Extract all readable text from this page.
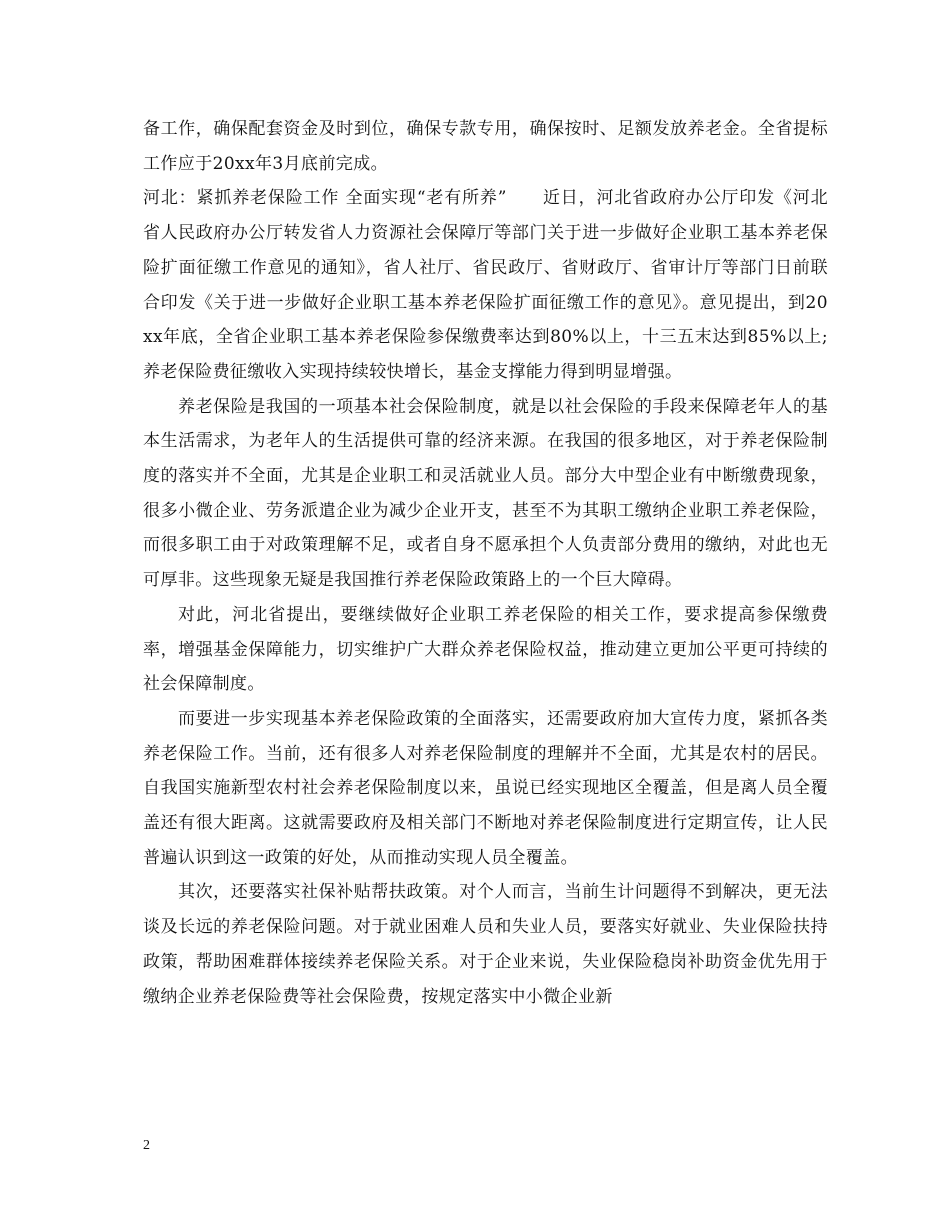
备工作，确保配套资金及时到位，确保专款专用，确保按时、足额发放养老金。全省提标工作应于20xx年3月底前完成。

河北：紧抓养老保险工作 全面实现“老有所养”　　近日，河北省政府办公厅印发《河北省人民政府办公厅转发省人力资源社会保障厅等部门关于进一步做好企业职工基本养老保险扩面征缴工作意见的通知》，省人社厅、省民政厅、省财政厅、省审计厅等部门日前联合印发《关于进一步做好企业职工基本养老保险扩面征缴工作的意见》。意见提出，到20xx年底，全省企业职工基本养老保险参保缴费率达到80%以上，十三五末达到85%以上;养老保险费征缴收入实现持续较快增长，基金支撑能力得到明显增强。

养老保险是我国的一项基本社会保险制度，就是以社会保险的手段来保障老年人的基本生活需求，为老年人的生活提供可靠的经济来源。在我国的很多地区，对于养老保险制度的落实并不全面，尤其是企业职工和灵活就业人员。部分大中型企业有中断缴费现象，很多小微企业、劳务派遣企业为减少企业开支，甚至不为其职工缴纳企业职工养老保险，而很多职工由于对政策理解不足，或者自身不愿承担个人负责部分费用的缴纳，对此也无可厚非。这些现象无疑是我国推行养老保险政策路上的一个巨大障碍。

对此，河北省提出，要继续做好企业职工养老保险的相关工作，要求提高参保缴费率，增强基金保障能力，切实维护广大群众养老保险权益，推动建立更加公平更可持续的社会保障制度。

而要进一步实现基本养老保险政策的全面落实，还需要政府加大宣传力度，紧抓各类养老保险工作。当前，还有很多人对养老保险制度的理解并不全面，尤其是农村的居民。自我国实施新型农村社会养老保险制度以来，虽说已经实现地区全覆盖，但是离人员全覆盖还有很大距离。这就需要政府及相关部门不断地对养老保险制度进行定期宣传，让人民普遍认识到这一政策的好处，从而推动实现人员全覆盖。

其次，还要落实社保补贴帮扶政策。对个人而言，当前生计问题得不到解决，更无法谈及长远的养老保险问题。对于就业困难人员和失业人员，要落实好就业、失业保险扶持政策，帮助困难群体接续养老保险关系。对于企业来说，失业保险稳岗补助资金优先用于缴纳企业养老保险费等社会保险费，按规定落实中小微企业新

2
